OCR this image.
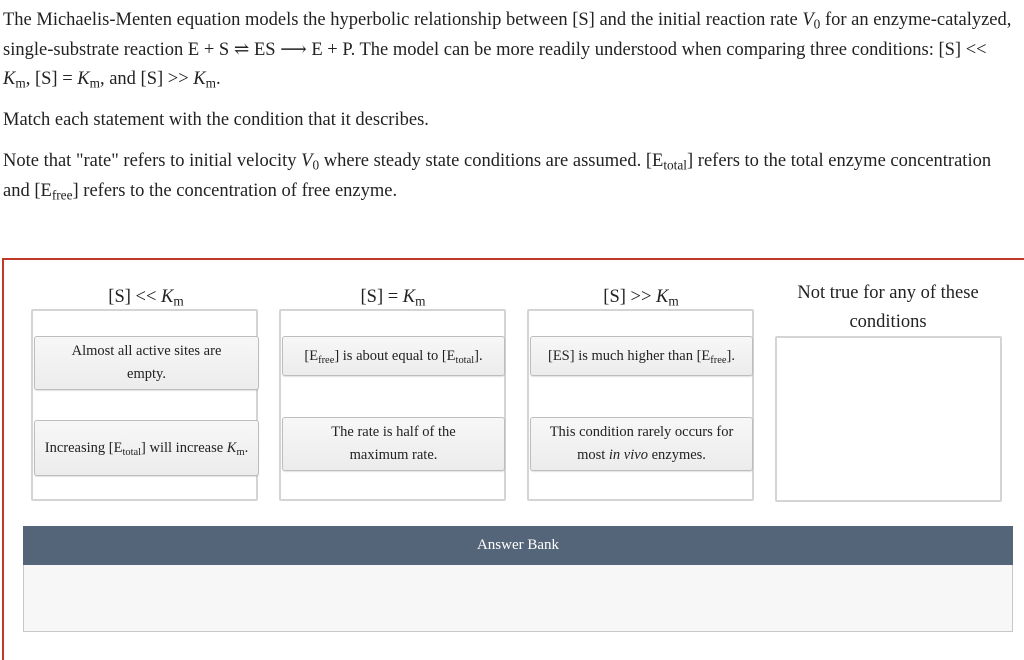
The Michaelis-Menten equation models the hyperbolic relationship between [S] and the initial reaction rate $V_0$ for an enzyme-catalyzed, single-substrate reaction E + S ⇌ ES ⟶ E + P. The model can be more readily understood when comparing three conditions: $[S] << K_m$, $[S] = K_m$, and $[S] >> K_m$.

Match each statement with the condition that it describes.

Note that "rate" refers to initial velocity $V_0$ where steady state conditions are assumed. $[E_{total}]$ refers to the total enzyme concentration and $[E_{free}]$ refers to the concentration of free enzyme.

$[S] << K_m$	$[S] = K_m$	$[S] >> K_m$	Not true for any of these conditions
Almost all active sites are empty.
Increasing $[E_{total}]$ will increase $K_m$.
$[E_{free}]$ is about equal to $[E_{total}]$.
The rate is half of the maximum rate.
[ES] is much higher than $[E_{free}]$.
This condition rarely occurs for most in vivo enzymes.
Answer Bank
